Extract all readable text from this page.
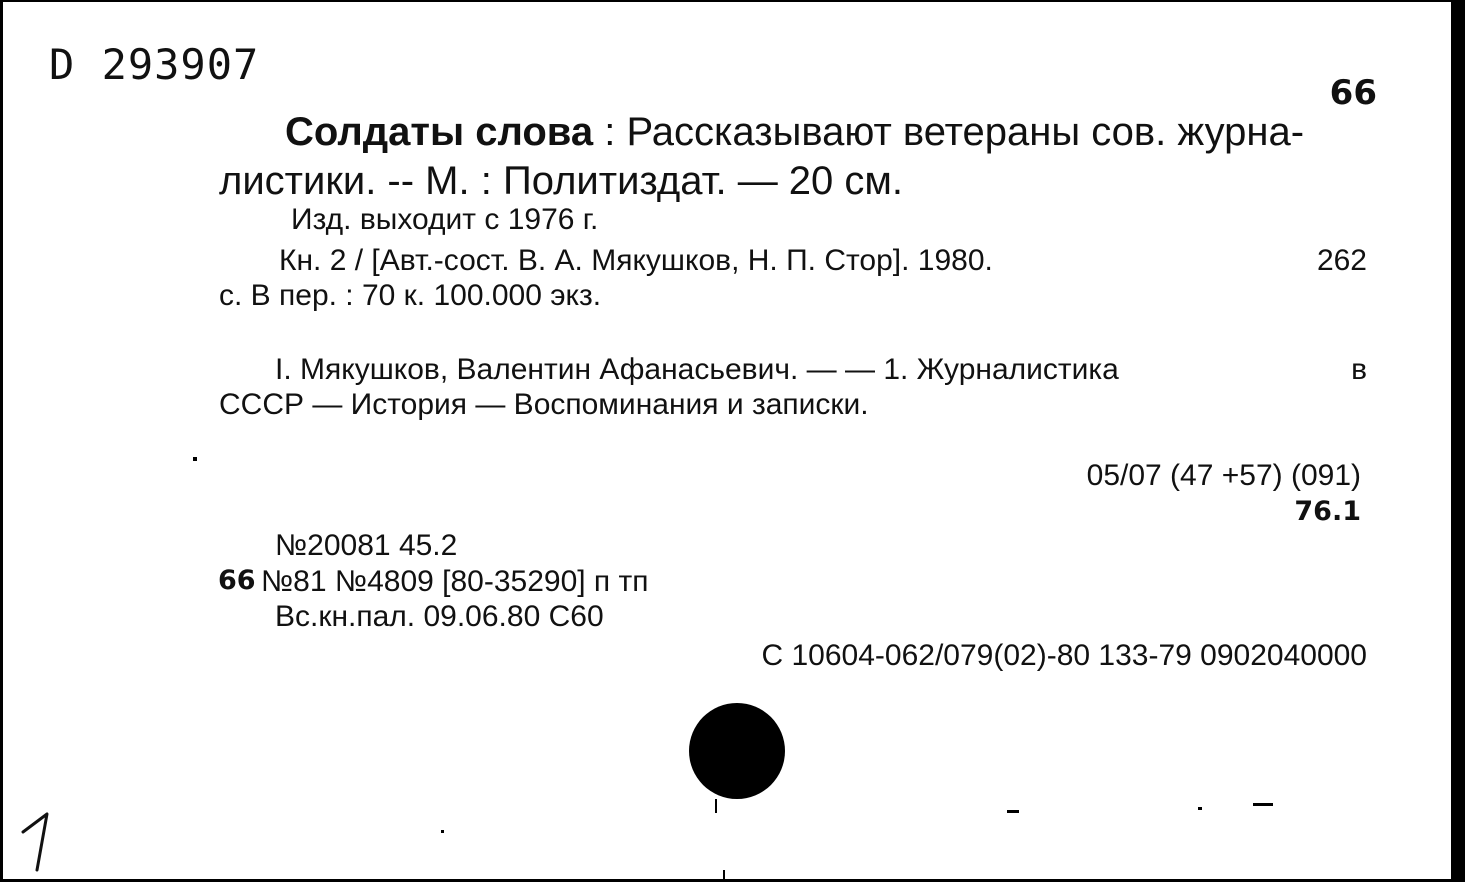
D 293907
66
Солдаты слова : Рассказывают ветераны сов. журна-
листики. -- М. : Политиздат. — 20 см.
Изд. выходит с 1976 г.
Кн. 2 / [Авт.-сост. В. А. Мякушков, Н. П. Стор]. 1980.	262
с. В пер. : 70 к. 100.000 экз.
I. Мякушков, Валентин Афанасьевич. — — 1. Журналистика	в
СССР — История — Воспоминания и записки.
05/07 (47 +57) (091)
76.1
№20081 45.2
66 №81 №4809 [80-35290] п тп
Вс.кн.пал. 09.06.80 С60
С 10604-062/079(02)-80 133-79 0902040000
